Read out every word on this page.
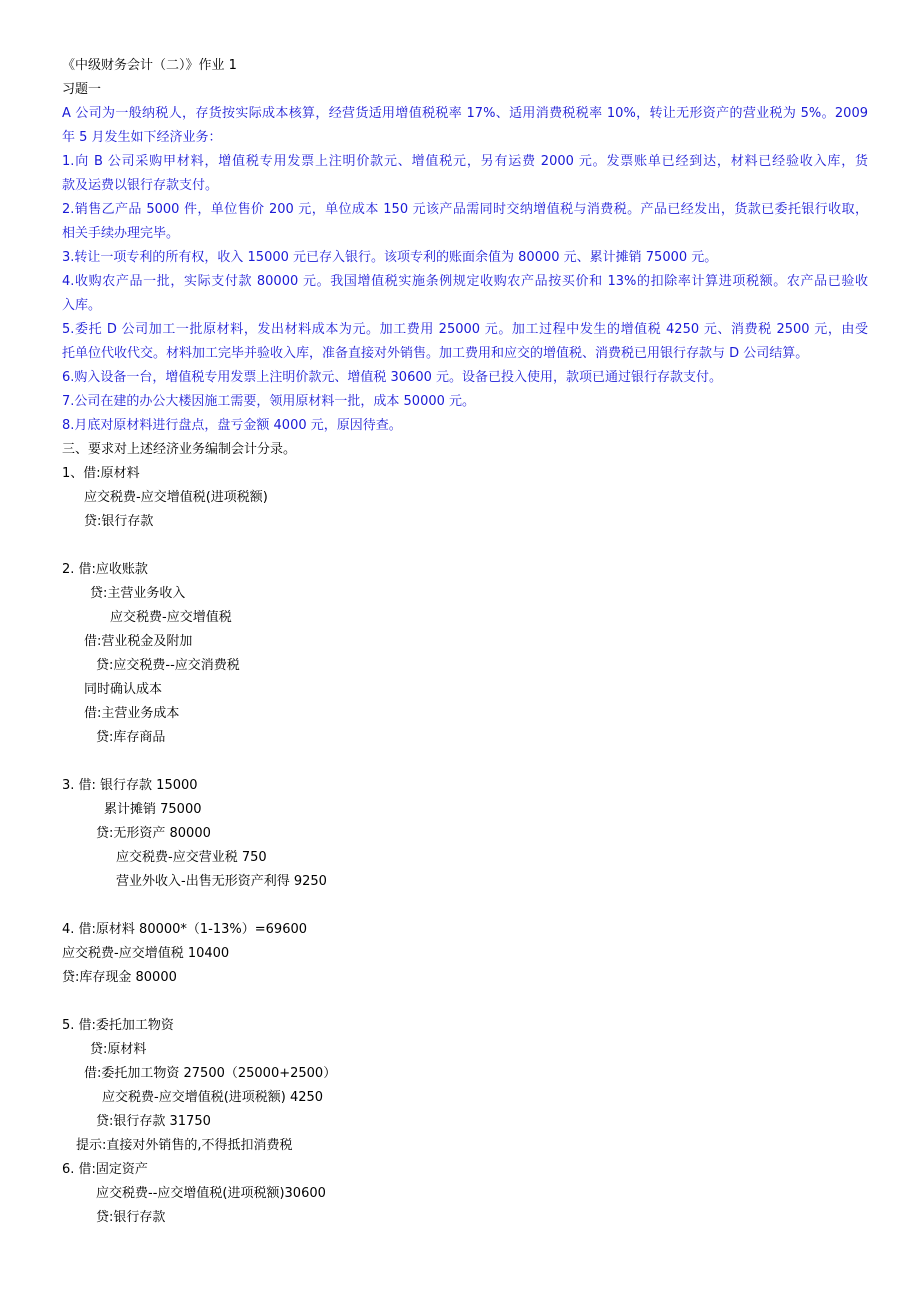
《中级财务会计（二）》作业 1
习题一
A 公司为一般纳税人，存货按实际成本核算，经营货适用增值税税率 17%、适用消费税税率 10%，转让无形资产的营业税为 5%。2009
年 5 月发生如下经济业务：
1.向 B 公司采购甲材料，增值税专用发票上注明价款元、增值税元，另有运费 2000 元。发票账单已经到达，材料已经验收入库，货
款及运费以银行存款支付。
2.销售乙产品 5000 件，单位售价 200 元，单位成本 150 元该产品需同时交纳增值税与消费税。产品已经发出，货款已委托银行收取，
相关手续办理完毕。
3.转让一项专利的所有权，收入 15000 元已存入银行。该项专利的账面余值为 80000 元、累计摊销 75000 元。
4.收购农产品一批，实际支付款 80000 元。我国增值税实施条例规定收购农产品按买价和 13%的扣除率计算进项税额。农产品已验收
入库。
5.委托 D 公司加工一批原材料，发出材料成本为元。加工费用 25000 元。加工过程中发生的增值税 4250 元、消费税 2500 元，由受
托单位代收代交。材料加工完毕并验收入库，准备直接对外销售。加工费用和应交的增值税、消费税已用银行存款与 D 公司结算。
6.购入设备一台，增值税专用发票上注明价款元、增值税 30600 元。设备已投入使用，款项已通过银行存款支付。
7.公司在建的办公大楼因施工需要，领用原材料一批，成本 50000 元。
8.月底对原材料进行盘点，盘亏金额 4000 元，原因待查。
三、要求对上述经济业务编制会计分录。
1、借:原材料
应交税费-应交增值税(进项税额)
贷:银行存款
2. 借:应收账款
贷:主营业务收入
应交税费-应交增值税
借:营业税金及附加
贷:应交税费--应交消费税
同时确认成本
借:主营业务成本
贷:库存商品
3. 借: 银行存款 15000
累计摊销 75000
贷:无形资产 80000
应交税费-应交营业税 750
营业外收入-出售无形资产利得 9250
4. 借:原材料 80000*（1-13%）=69600
应交税费-应交增值税 10400
贷:库存现金 80000
5. 借:委托加工物资
贷:原材料
借:委托加工物资 27500（25000+2500）
应交税费-应交增值税(进项税额) 4250
贷:银行存款 31750
提示:直接对外销售的,不得抵扣消费税
6. 借:固定资产
应交税费--应交增值税(进项税额)30600
贷:银行存款
